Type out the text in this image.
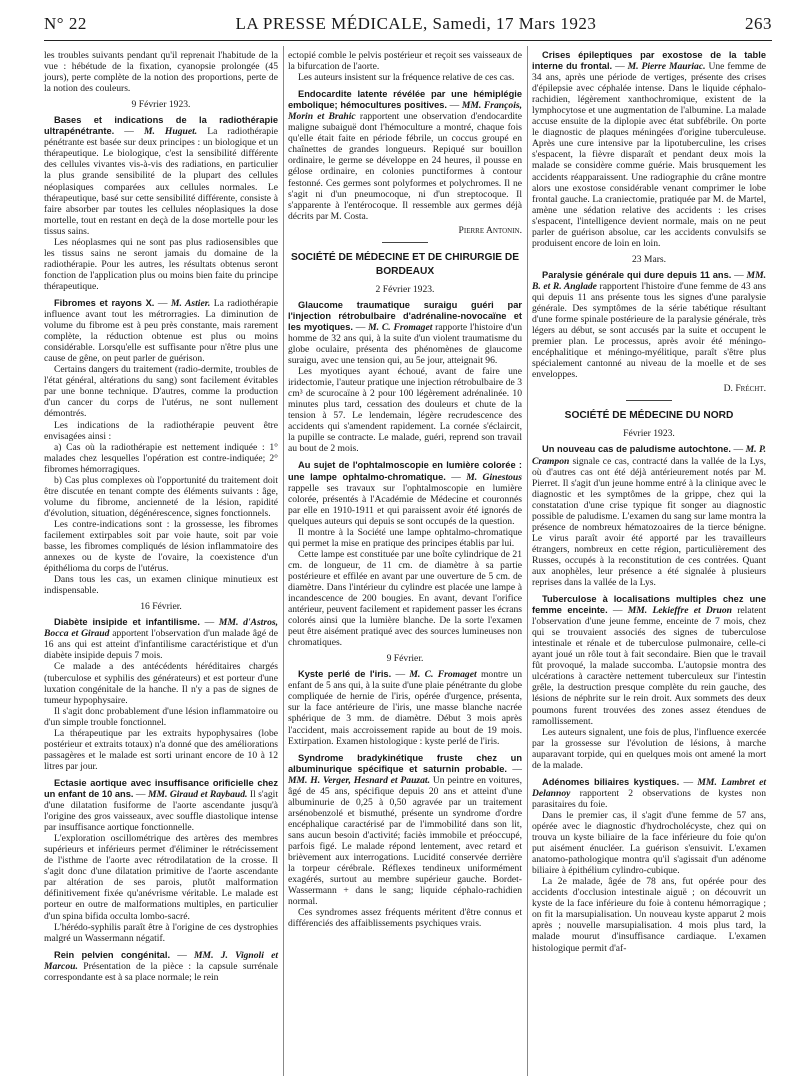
N° 22	LA PRESSE MÉDICALE, Samedi, 17 Mars 1923	263

les troubles suivants pendant qu'il reprenait l'habitude de la vue : hébétude de la fixation, cyanopsie prolongée (45 jours), perte complète de la notion des proportions, perte de la notion des couleurs.

9 Février 1923.

Bases et indications de la radiothérapie ultrapénétrante. — M. Huguet. La radiothérapie pénétrante est basée sur deux principes : un biologique et un thérapeutique. Le biologique, c'est la sensibilité différente des cellules vivantes vis-à-vis des radiations, en particulier la plus grande sensibilité de la plupart des cellules néoplasiques comparées aux cellules normales. Le thérapeutique, basé sur cette sensibilité différente, consiste à faire absorber par toutes les cellules néoplasiques la dose mortelle, tout en restant en deçà de la dose mortelle pour les tissus sains.

Les néoplasmes qui ne sont pas plus radiosensibles que les tissus sains ne seront jamais du domaine de la radiothérapie. Pour les autres, les résultats obtenus seront fonction de l'application plus ou moins bien faite du principe thérapeutique.

Fibromes et rayons X. — M. Astier. La radiothérapie influence avant tout les métrorragies. La diminution de volume du fibrome est à peu près constante, mais rarement complète, la réduction obtenue est plus ou moins considérable. Lorsqu'elle est suffisante pour n'être plus une cause de gêne, on peut parler de guérison.

Certains dangers du traitement (radio-dermite, troubles de l'état général, altérations du sang) sont facilement évitables par une bonne technique. D'autres, comme la production d'un cancer du corps de l'utérus, ne sont nullement démontrés.

Les indications de la radiothérapie peuvent être envisagées ainsi :

a) Cas où la radiothérapie est nettement indiquée : 1° malades chez lesquelles l'opération est contre-indiquée; 2° fibromes hémorragiques.

b) Cas plus complexes où l'opportunité du traitement doit être discutée en tenant compte des éléments suivants : âge, volume du fibrome, ancienneté de la lésion, rapidité d'évolution, situation, dégénérescence, signes fonctionnels.

Les contre-indications sont : la grossesse, les fibromes facilement extirpables soit par voie haute, soit par voie basse, les fibromes compliqués de lésion inflammatoire des annexes ou de kyste de l'ovaire, la coexistence d'un épithélioma du corps de l'utérus.

Dans tous les cas, un examen clinique minutieux est indispensable.

16 Février.

Diabète insipide et infantilisme. — MM. d'Astros, Bocca et Giraud apportent l'observation d'un malade âgé de 16 ans qui est atteint d'infantilisme caractéristique et d'un diabète insipide depuis 7 mois.

Ce malade a des antécédents héréditaires chargés (tuberculose et syphilis des générateurs) et est porteur d'une luxation congénitale de la hanche. Il n'y a pas de signes de tumeur hypophysaire.

Il s'agit donc probablement d'une lésion inflammatoire ou d'un simple trouble fonctionnel.

La thérapeutique par les extraits hypophysaires (lobe postérieur et extraits totaux) n'a donné que des améliorations passagères et le malade est sorti urinant encore de 10 à 12 litres par jour.

Ectasie aortique avec insuffisance orificielle chez un enfant de 10 ans. — MM. Giraud et Raybaud. Il s'agit d'une dilatation fusiforme de l'aorte ascendante jusqu'à l'origine des gros vaisseaux, avec souffle diastolique intense par insuffisance aortique fonctionnelle.

L'exploration oscillométrique des artères des membres supérieurs et inférieurs permet d'éliminer le rétrécissement de l'isthme de l'aorte avec rétrodilatation de la crosse. Il s'agit donc d'une dilatation primitive de l'aorte ascendante par altération de ses parois, plutôt malformation définitivement fixée qu'anévrisme véritable. Le malade est porteur en outre de malformations multiples, en particulier d'un spina bifida occulta lombo-sacré.

L'hérédo-syphilis paraît être à l'origine de ces dystrophies malgré un Wassermann négatif.

Rein pelvien congénital. — MM. J. Vignoli et Marcou. Présentation de la pièce : la capsule surrénale correspondante est à sa place normale; le rein

ectopié comble le pelvis postérieur et reçoit ses vaisseaux de la bifurcation de l'aorte.

Les auteurs insistent sur la fréquence relative de ces cas.

Endocardite latente révélée par une hémiplégie embolique; hémocultures positives. — MM. François, Morin et Brahic rapportent une observation d'endocardite maligne subaiguë dont l'hémoculture a montré, chaque fois qu'elle était faite en période fébrile, un coccus groupé en chaînettes de grandes longueurs. Repiqué sur bouillon ordinaire, le germe se développe en 24 heures, il pousse en gélose ordinaire, en colonies punctiformes à contour festonné. Ces germes sont polyformes et polychromes. Il ne s'agit ni d'un pneumocoque, ni d'un streptocoque. Il s'apparente à l'entérocoque. Il ressemble aux germes déjà décrits par M. Costa.

Pierre Antonin.

SOCIÉTÉ DE MÉDECINE ET DE CHIRURGIE DE BORDEAUX

2 Février 1923.

Glaucome traumatique suraigu guéri par l'injection rétrobulbaire d'adrénaline-novocaïne et les myotiques. — M. C. Fromaget rapporte l'histoire d'un homme de 32 ans qui, à la suite d'un violent traumatisme du globe oculaire, présenta des phénomènes de glaucome suraigu, avec une tension qui, au 5e jour, atteignait 96.

Les myotiques ayant échoué, avant de faire une iridectomie, l'auteur pratique une injection rétrobulbaire de 3 cm³ de scurocaïne à 2 pour 100 légèrement adrénalinée. 10 minutes plus tard, cessation des douleurs et chute de la tension à 57. Le lendemain, légère recrudescence des accidents qui s'amendent rapidement. La cornée s'éclaircit, la pupille se contracte. Le malade, guéri, reprend son travail au bout de 2 mois.

Au sujet de l'ophtalmoscopie en lumière colorée : une lampe ophtalmo-chromatique. — M. Ginestous rappelle ses travaux sur l'ophtalmoscopie en lumière colorée, présentés à l'Académie de Médecine et couronnés par elle en 1910-1911 et qui paraissent avoir été ignorés de quelques auteurs qui depuis se sont occupés de la question.

Il montre à la Société une lampe ophtalmo-chromatique qui permet la mise en pratique des principes établis par lui.

Cette lampe est constituée par une boîte cylindrique de 21 cm. de longueur, de 11 cm. de diamètre à sa partie postérieure et effilée en avant par une ouverture de 5 cm. de diamètre. Dans l'intérieur du cylindre est placée une lampe à incandescence de 200 bougies. En avant, devant l'orifice antérieur, peuvent facilement et rapidement passer les écrans colorés ainsi que la lumière blanche. De la sorte l'examen peut être aisément pratiqué avec des sources lumineuses non chromatiques.

9 Février.

Kyste perlé de l'iris. — M. C. Fromaget montre un enfant de 5 ans qui, à la suite d'une plaie pénétrante du globe compliquée de hernie de l'iris, opérée d'urgence, présenta, sur la face antérieure de l'iris, une masse blanche nacrée sphérique de 3 mm. de diamètre. Début 3 mois après l'accident, mais accroissement rapide au bout de 19 mois. Extirpation. Examen histologique : kyste perlé de l'iris.

Syndrome bradykinétique fruste chez un albuminurique spécifique et saturnin probable. — MM. H. Verger, Hesnard et Pauzat. Un peintre en voitures, âgé de 45 ans, spécifique depuis 20 ans et atteint d'une albuminurie de 0,25 à 0,50 agravée par un traitement arsénobenzolé et bismuthé, présente un syndrome d'ordre encéphalique caractérisé par de l'immobilité dans son lit, sans aucun besoin d'activité; faciès immobile et préoccupé, parfois figé. Le malade répond lentement, avec retard et brièvement aux interrogations. Lucidité conservée derrière la torpeur cérébrale. Réflexes tendineux uniformément exagérés, surtout au membre supérieur gauche. Bordet-Wassermann + dans le sang; liquide céphalo-rachidien normal.

Ces syndromes assez fréquents méritent d'être connus et différenciés des affaiblissements psychiques vrais.

Crises épileptiques par exostose de la table interne du frontal. — M. Pierre Mauriac. Une femme de 34 ans, après une période de vertiges, présente des crises d'épilepsie avec céphalée intense. Dans le liquide céphalo-rachidien, légèrement xanthochromique, existent de la lymphocytose et une augmentation de l'albumine. La malade accuse ensuite de la diplopie avec état subfébrile. On porte le diagnostic de plaques méningées d'origine tuberculeuse. Après une cure intensive par la lipotuberculine, les crises s'espacent, la fièvre disparaît et pendant deux mois la malade se considère comme guérie. Mais brusquement les accidents réapparaissent. Une radiographie du crâne montre alors une exostose considérable venant comprimer le lobe frontal gauche. La craniectomie, pratiquée par M. de Martel, amène une sédation relative des accidents : les crises s'espacent, l'intelligence devient normale, mais on ne peut parler de guérison absolue, car les accidents convulsifs se produisent encore de loin en loin.

23 Mars.

Paralysie générale qui dure depuis 11 ans. — MM. B. et R. Anglade rapportent l'histoire d'une femme de 43 ans qui depuis 11 ans présente tous les signes d'une paralysie générale. Des symptômes de la série tabétique résultant d'une forme spinale postérieure de la paralysie générale, très légers au début, se sont accusés par la suite et occupent le premier plan. Le processus, après avoir été méningo-encéphalitique et méningo-myélitique, paraît s'être plus spécialement cantonné au niveau de la moelle et de ses enveloppes.

D. Frécht.

SOCIÉTÉ DE MÉDECINE DU NORD

Février 1923.

Un nouveau cas de paludisme autochtone. — M. P. Crampon signale ce cas, contracté dans la vallée de la Lys, où d'autres cas ont été déjà antérieurement notés par M. Pierret. Il s'agit d'un jeune homme entré à la clinique avec le diagnostic et les symptômes de la grippe, chez qui la constatation d'une crise typique fit songer au diagnostic possible de paludisme. L'examen du sang sur lame montra la présence de nombreux hématozoaires de la tierce bénigne. Le virus paraît avoir été apporté par les travailleurs étrangers, nombreux en cette région, particulièrement des Russes, occupés à la reconstitution de ces contrées. Quant aux anophèles, leur présence a été signalée à plusieurs reprises dans la vallée de la Lys.

Tuberculose à localisations multiples chez une femme enceinte. — MM. Lekieffre et Druon relatent l'observation d'une jeune femme, enceinte de 7 mois, chez qui se trouvaient associés des signes de tuberculose intestinale et rénale et de tuberculose pulmonaire, celle-ci ayant joué un rôle tout à fait secondaire. Bien que le travail fût provoqué, la malade succomba. L'autopsie montra des ulcérations à caractère nettement tuberculeux sur l'intestin grêle, la destruction presque complète du rein gauche, des lésions de néphrite sur le rein droit. Aux sommets des deux poumons furent trouvées des zones assez étendues de ramollissement.

Les auteurs signalent, une fois de plus, l'influence exercée par la grossesse sur l'évolution de lésions, à marche auparavant torpide, qui en quelques mois ont amené la mort de la malade.

Adénomes biliaires kystiques. — MM. Lambret et Delannoy rapportent 2 observations de kystes non parasitaires du foie.

Dans le premier cas, il s'agit d'une femme de 57 ans, opérée avec le diagnostic d'hydrocholécyste, chez qui on trouva un kyste biliaire de la face inférieure du foie qu'on put aisément énucléer. La guérison s'ensuivit. L'examen anatomo-pathologique montra qu'il s'agissait d'un adénome biliaire à épithélium cylindro-cubique.

La 2e malade, âgée de 78 ans, fut opérée pour des accidents d'occlusion intestinale aiguë ; on découvrit un kyste de la face inférieure du foie à contenu hémorragique ; on fit la marsupialisation. Un nouveau kyste apparut 2 mois après ; nouvelle marsupialisation. 4 mois plus tard, la malade mourut d'insuffisance cardiaque. L'examen histologique permit d'af-
